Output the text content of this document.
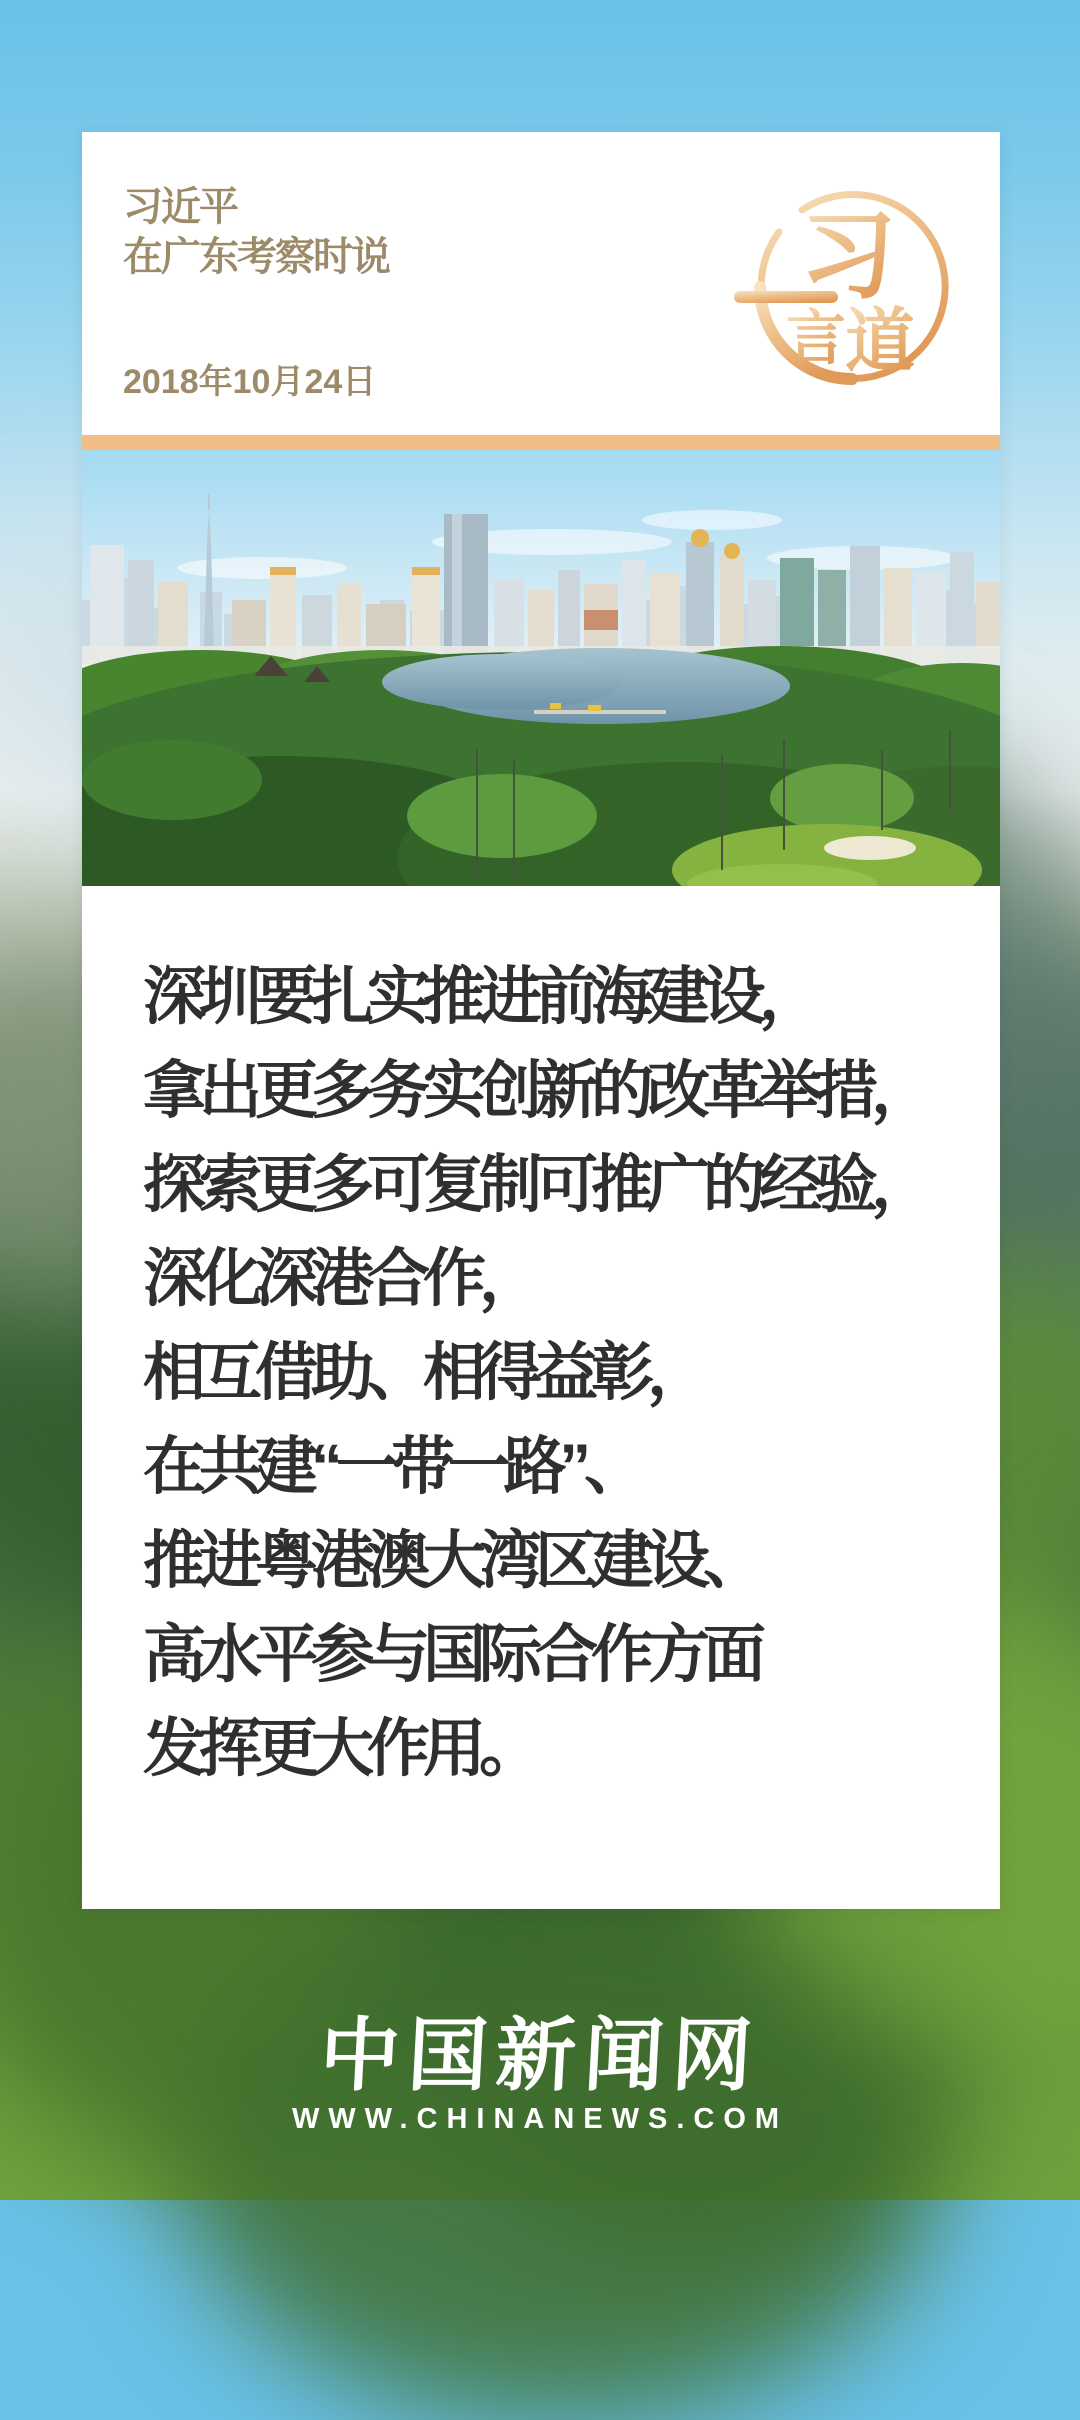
习近平
在广东考察时说
2018年10月24日
习
言 道
深圳要扎实推进前海建设，
拿出更多务实创新的改革举措，
探索更多可复制可推广的经验，
深化深港合作，
相互借助、相得益彰，
在共建“一带一路”、
推进粤港澳大湾区建设、
高水平参与国际合作方面
发挥更大作用。
中国新闻网
WWW.CHINANEWS.COM
